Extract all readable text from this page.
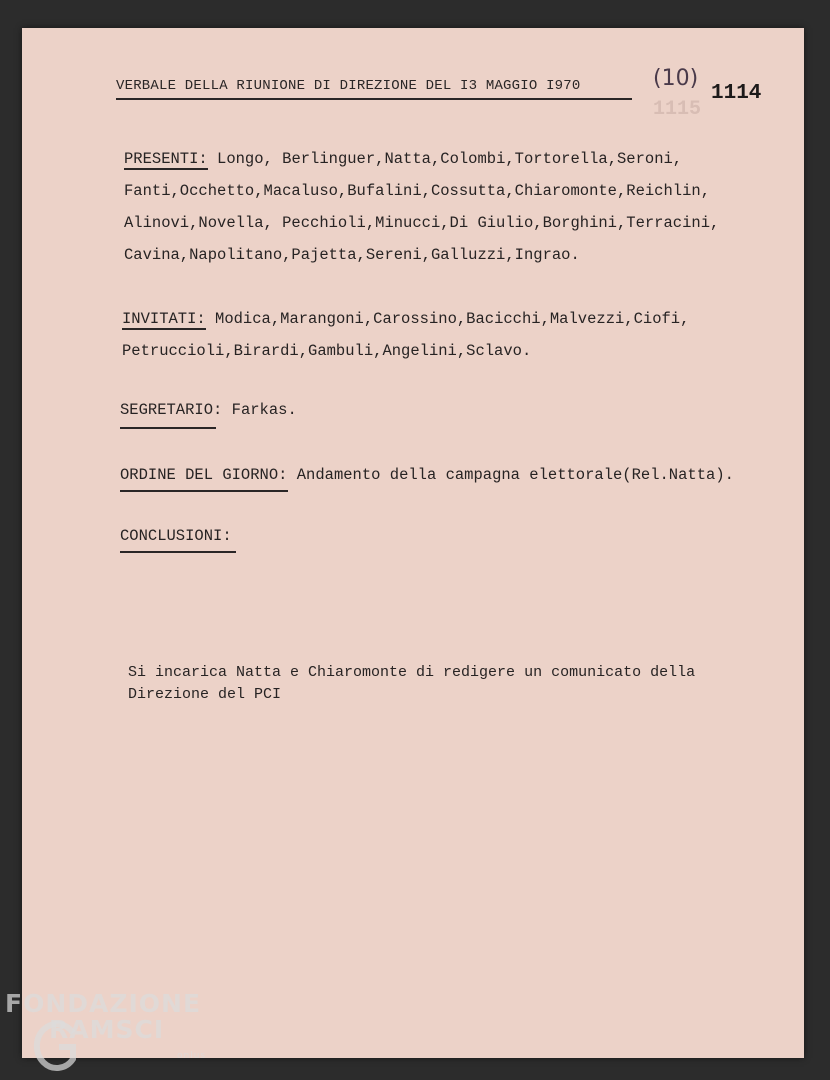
1115
VERBALE DELLA RIUNIONE DI DIREZIONE DEL I3 MAGGIO I970	(10)
1114
PRESENTI: Longo, Berlinguer,Natta,Colombi,Tortorella,Seroni,
Fanti,Occhetto,Macaluso,Bufalini,Cossutta,Chiaromonte,Reichlin,
Alinovi,Novella, Pecchioli,Minucci,Di Giulio,Borghini,Terracini,
Cavina,Napolitano,Pajetta,Sereni,Galluzzi,Ingrao.
INVITATI: Modica,Marangoni,Carossino,Bacicchi,Malvezzi,Ciofi,
Petruccioli,Birardi,Gambuli,Angelini,Sclavo.
SEGRETARIO: Farkas.
ORDINE DEL GIORNO: Andamento della campagna elettorale(Rel.Natta).
CONCLUSIONI:
Si incarica Natta e Chiaromonte di redigere un comunicato della
Direzione del PCI
FONDAZIONE
RAMSCI
onlus
